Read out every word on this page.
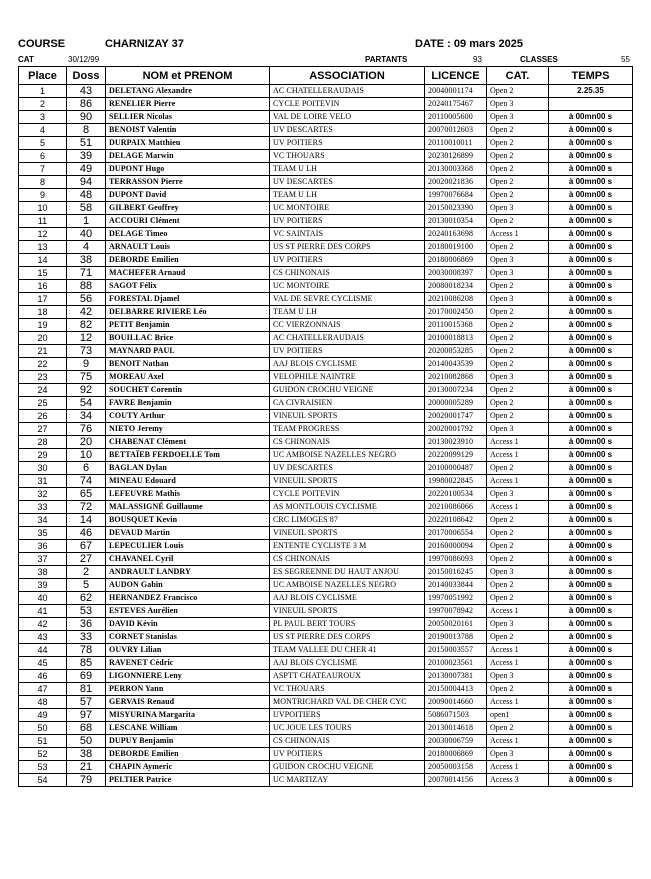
COURSE	CHARNIZAY 37	DATE : 09 mars 2025
CAT	30/12/99	PARTANTS	93	CLASSES	55
Place	Doss	NOM et PRENOM	ASSOCIATION	LICENCE	CAT.	TEMPS
1	43	DELETANG Alexandre	AC CHATELLERAUDAIS	20040001174	Open 2	2.25.35
2	86	RENELIER Pierre	CYCLE POITEVIN	20240175467	Open 3	
3	90	SELLIER Nicolas	VAL DE LOIRE VELO	20110005600	Open 3	à 00mn00 s
4	8	BENOIST Valentin	UV DESCARTES	20070012603	Open 2	à 00mn00 s
5	51	DURPAIX Matthieu	UV POITIERS	20110010011	Open 2	à 00mn00 s
6	39	DELAGE Marwin	VC THOUARS	20230126899	Open 2	à 00mn00 s
7	49	DUPONT Hugo	TEAM U LH	20130003368	Open 2	à 00mn00 s
8	94	TERRASSON Pierre	UV DESCARTES	20020021836	Open 2	à 00mn00 s
9	48	DUPONT David	TEAM U LH	19970076684	Open 2	à 00mn00 s
10	58	GILBERT Geoffrey	UC MONTOIRE	20150023390	Open 3	à 00mn00 s
11	1	ACCOURI Clément	UV POITIERS	20130010354	Open 2	à 00mn00 s
12	40	DELAGE Timeo	VC SAINTAIS	20240163698	Access 1	à 00mn00 s
13	4	ARNAULT Louis	US ST PIERRE DES CORPS	20180019100	Open 2	à 00mn00 s
14	38	DEBORDE Emilien	UV POITIERS	20180006869	Open 3	à 00mn00 s
15	71	MACHEFER Arnaud	CS CHINONAIS	20030008397	Open 3	à 00mn00 s
16	88	SAGOT Félix	UC MONTOIRE	20080018234	Open 2	à 00mn00 s
17	56	FORESTAL Djamel	VAL DE SEVRE CYCLISME	20210086208	Open 3	à 00mn00 s
18	42	DELBARRE RIVIERE Léo	TEAM U LH	20170002450	Open 2	à 00mn00 s
19	82	PETIT Benjamin	CC VIERZONNAIS	20110015368	Open 2	à 00mn00 s
20	12	BOUILLAC Brice	AC CHATELLERAUDAIS	20100018813	Open 2	à 00mn00 s
21	73	MAYNARD PAUL	UV POITIERS	20200053285	Open 2	à 00mn00 s
22	9	BENOIT Nathan	AAJ BLOIS CYCLISME	20140043539	Open 2	à 00mn00 s
23	75	MOREAU Axel	VELOPHILE NAINTRE	20210082868	Open 3	à 00mn00 s
24	92	SOUCHET Corentin	GUIDON CROCHU VEIGNE	20130007234	Open 2	à 00mn00 s
25	54	FAVRE Benjamin	CA CIVRAISIEN	20000005289	Open 2	à 00mn00 s
26	34	COUTY Arthur	VINEUIL SPORTS	20020001747	Open 2	à 00mn00 s
27	76	NIETO Jeremy	TEAM PROGRESS	20020001792	Open 3	à 00mn00 s
28	20	CHABENAT Clément	CS CHINONAIS	20130023910	Access 1	à 00mn00 s
29	10	BETTAÏEB FERDOELLE Tom	UC AMBOISE NAZELLES NEGRO	20220099129	Access 1	à 00mn00 s
30	6	BAGLAN Dylan	UV DESCARTES	20100000487	Open 2	à 00mn00 s
31	74	MINEAU Edouard	VINEUIL SPORTS	19980022845	Access 1	à 00mn00 s
32	65	LEFEUVRE Mathis	CYCLE POITEVIN	20220100534	Open 3	à 00mn00 s
33	72	MALASSIGNÉ Guillaume	AS MONTLOUIS CYCLISME	20210086066	Access 1	à 00mn00 s
34	14	BOUSQUET Kevin	CRC LIMOGES 87	20220108642	Open 2	à 00mn00 s
35	46	DEVAUD Martin	VINEUIL SPORTS	20170006554	Open 2	à 00mn00 s
36	67	LEPECULIER Louis	ENTENTE CYCLISTE 3 M	20160000094	Open 2	à 00mn00 s
37	27	CHAVANEL Cyril	CS CHINONAIS	19970086093	Open 2	à 00mn00 s
38	2	ANDRAULT LANDRY	ES SEGREENNE DU HAUT ANJOU	20150016245	Open 3	à 00mn00 s
39	5	AUDON Gabin	UC AMBOISE NAZELLES NEGRO	20140033844	Open 2	à 00mn00 s
40	62	HERNANDEZ Francisco	AAJ BLOIS CYCLISME	19970051992	Open 2	à 00mn00 s
41	53	ESTEVES Aurélien	VINEUIL SPORTS	19970078942	Access 1	à 00mn00 s
42	36	DAVID Kévin	PL PAUL BERT TOURS	20050020161	Open 3	à 00mn00 s
43	33	CORNET Stanislas	US ST PIERRE DES CORPS	20190013788	Open 2	à 00mn00 s
44	78	OUVRY Lilian	TEAM VALLEE DU CHER 41	20150003557	Access 1	à 00mn00 s
45	85	RAVENET Cédric	AAJ BLOIS CYCLISME	20100023561	Access 1	à 00mn00 s
46	69	LIGONNIERE Leny	ASPTT CHATEAUROUX	20130007381	Open 3	à 00mn00 s
47	81	PERRON Yann	VC THOUARS	20150004413	Open 2	à 00mn00 s
48	57	GERVAIS Renaud	MONTRICHARD VAL DE CHER CYC	20090014660	Access 1	à 00mn00 s
49	97	MISYURINA Margarita	UVPOITIERS	5086071503	open1	à 00mn00 s
50	68	LESCANE William	UC JOUE LES TOURS	20130014618	Open 2	à 00mn00 s
51	50	DUPUY Benjamin	CS CHINONAIS	20030006759	Access 1	à 00mn00 s
52	38	DEBORDE Emilien	UV POITIERS	20180006869	Open 3	à 00mn00 s
53	21	CHAPIN Aymeric	GUIDON CROCHU VEIGNE	20050003158	Access 1	à 00mn00 s
54	79	PELTIER Patrice	UC MARTIZAY	20070014156	Access 3	à 00mn00 s
